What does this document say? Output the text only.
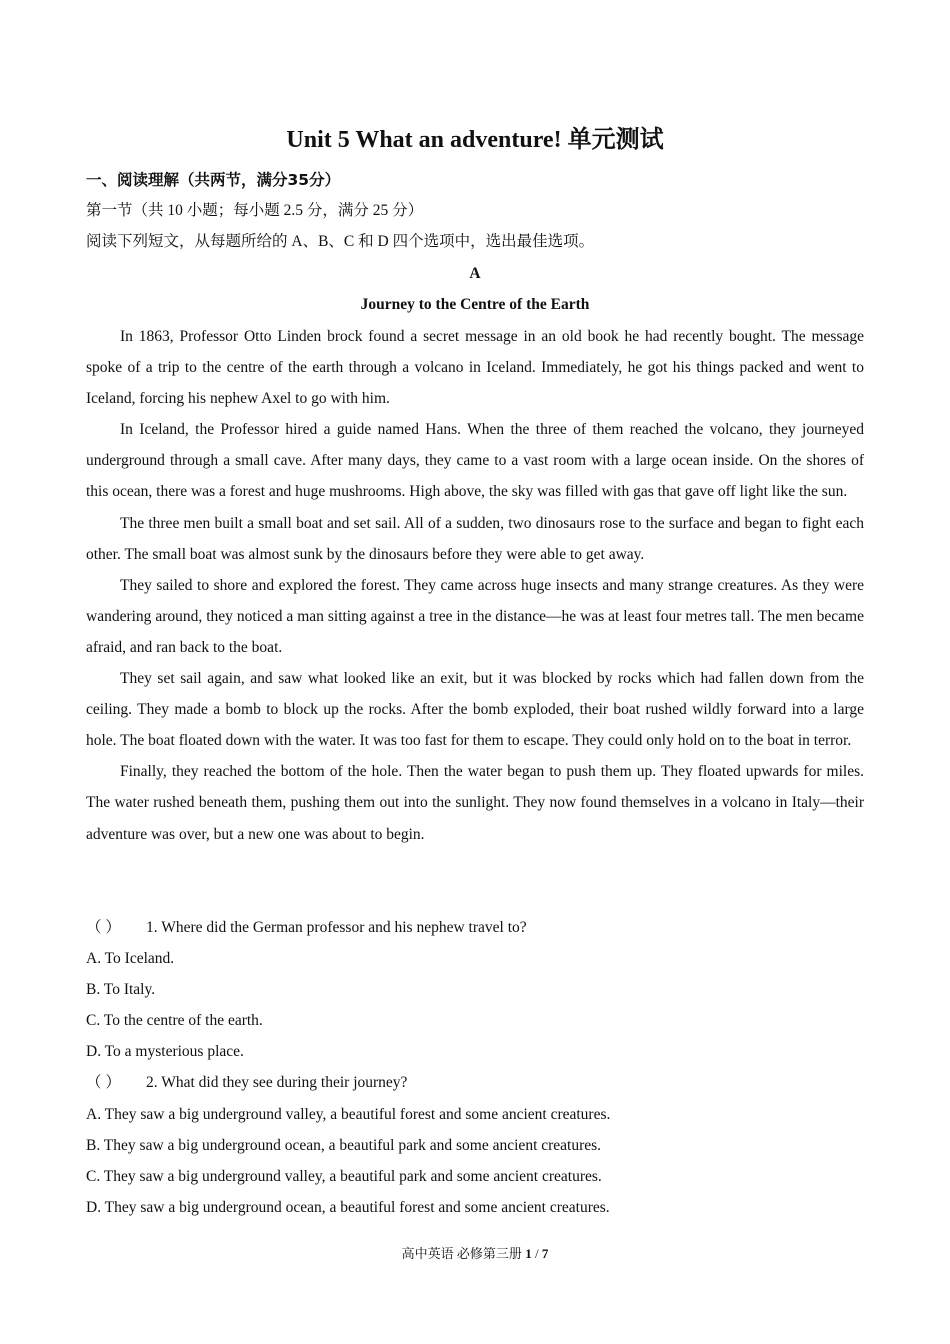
Unit 5 What an adventure! 单元测试
一、阅读理解（共两节，满分35分）
第一节（共 10 小题；每小题 2.5 分，满分 25 分）
阅读下列短文，从每题所给的 A、B、C 和 D 四个选项中，选出最佳选项。
A
Journey to the Centre of the Earth

In 1863, Professor Otto Linden brock found a secret message in an old book he had recently bought. The message spoke of a trip to the centre of the earth through a volcano in Iceland. Immediately, he got his things packed and went to Iceland, forcing his nephew Axel to go with him.

In Iceland, the Professor hired a guide named Hans. When the three of them reached the volcano, they journeyed underground through a small cave. After many days, they came to a vast room with a large ocean inside. On the shores of this ocean, there was a forest and huge mushrooms. High above, the sky was filled with gas that gave off light like the sun.

The three men built a small boat and set sail. All of a sudden, two dinosaurs rose to the surface and began to fight each other. The small boat was almost sunk by the dinosaurs before they were able to get away.

They sailed to shore and explored the forest. They came across huge insects and many strange creatures. As they were wandering around, they noticed a man sitting against a tree in the distance—he was at least four metres tall. The men became afraid, and ran back to the boat.

They set sail again, and saw what looked like an exit, but it was blocked by rocks which had fallen down from the ceiling. They made a bomb to block up the rocks. After the bomb exploded, their boat rushed wildly forward into a large hole. The boat floated down with the water. It was too fast for them to escape. They could only hold on to the boat in terror.

Finally, they reached the bottom of the hole. Then the water began to push them up. They floated upwards for miles. The water rushed beneath them, pushing them out into the sunlight. They now found themselves in a volcano in Italy—their adventure was over, but a new one was about to begin.

（ ） 1. Where did the German professor and his nephew travel to?
A. To Iceland.
B. To Italy.
C. To the centre of the earth.
D. To a mysterious place.
（ ） 2. What did they see during their journey?
A. They saw a big underground valley, a beautiful forest and some ancient creatures.
B. They saw a big underground ocean, a beautiful park and some ancient creatures.
C. They saw a big underground valley, a beautiful park and some ancient creatures.
D. They saw a big underground ocean, a beautiful forest and some ancient creatures.
高中英语 必修第三册 1 / 7
